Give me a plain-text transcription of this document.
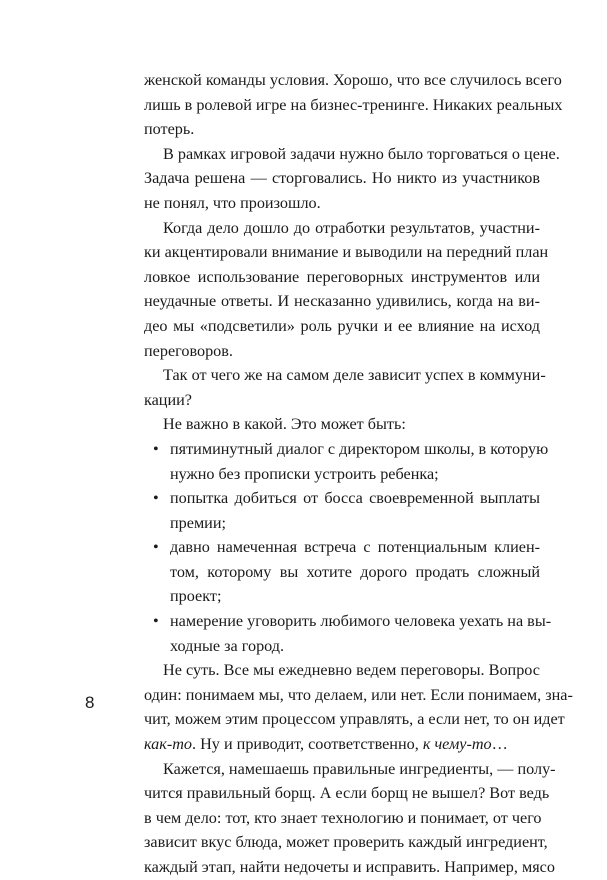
женской команды условия. Хорошо, что все случилось всего
лишь в ролевой игре на бизнес-тренинге. Никаких реальных
потерь.
В рамках игровой задачи нужно было торговаться о цене.
Задача решена — сторговались. Но никто из участников
не понял, что произошло.
Когда дело дошло до отработки результатов, участни-
ки акцентировали внимание и выводили на передний план
ловкое использование переговорных инструментов или
неудачные ответы. И несказанно удивились, когда на ви-
део мы «подсветили» роль ручки и ее влияние на исход
переговоров.
Так от чего же на самом деле зависит успех в коммуни-
кации?
Не важно в какой. Это может быть:
• пятиминутный диалог с директором школы, в которую
нужно без прописки устроить ребенка;
• попытка добиться от босса своевременной выплаты
премии;
• давно намеченная встреча с потенциальным клиен-
том, которому вы хотите дорого продать сложный
проект;
• намерение уговорить любимого человека уехать на вы-
ходные за город.
Не суть. Все мы ежедневно ведем переговоры. Вопрос
один: понимаем мы, что делаем, или нет. Если понимаем, зна-
чит, можем этим процессом управлять, а если нет, то он идет
как-то. Ну и приводит, соответственно, к чему-то…
Кажется, намешаешь правильные ингредиенты, — полу-
чится правильный борщ. А если борщ не вышел? Вот ведь
в чем дело: тот, кто знает технологию и понимает, от чего
зависит вкус блюда, может проверить каждый ингредиент,
каждый этап, найти недочеты и исправить. Например, мясо
8
